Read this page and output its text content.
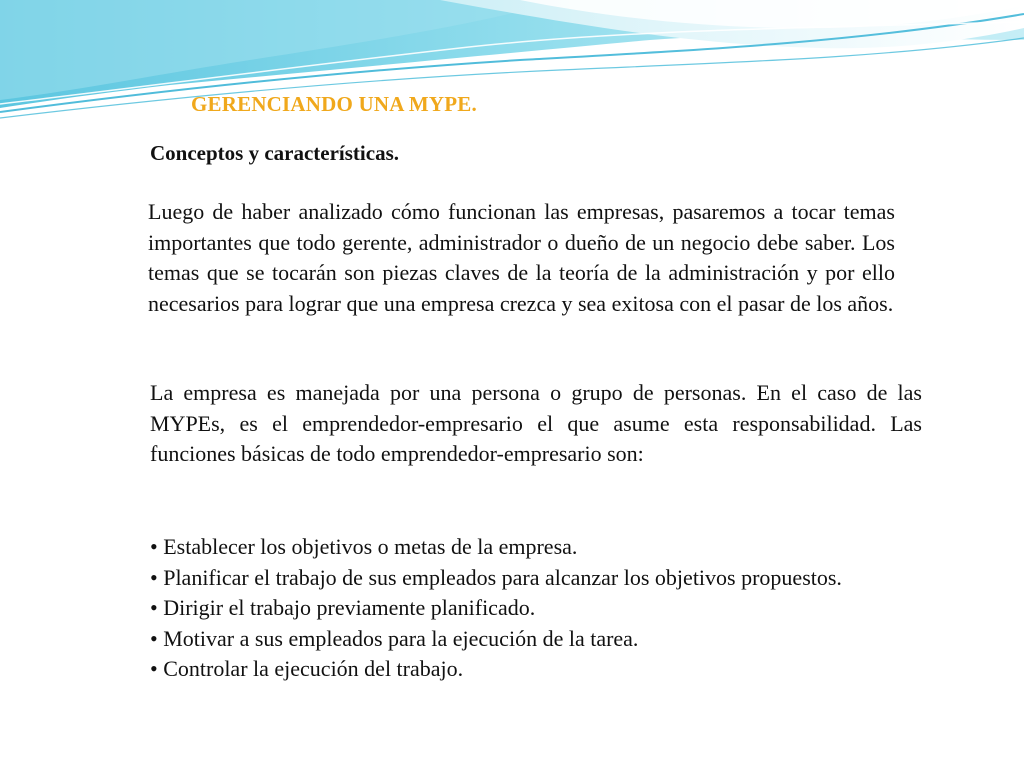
GERENCIANDO UNA MYPE.
Conceptos y características.

Luego de haber analizado cómo funcionan las empresas, pasaremos a tocar temas importantes que todo gerente, administrador o dueño de un negocio debe saber. Los temas que se tocarán son piezas claves de la teoría de la administración y por ello necesarios para lograr que una empresa crezca y sea exitosa con el pasar de los años.

La empresa es manejada por una persona o grupo de personas. En el caso de las MYPEs, es el emprendedor-empresario el que asume esta responsabilidad. Las funciones básicas de todo emprendedor-empresario son:

• Establecer los objetivos o metas de la empresa.
• Planificar el trabajo de sus empleados para alcanzar los objetivos propuestos.
• Dirigir el trabajo previamente planificado.
• Motivar a sus empleados para la ejecución de la tarea.
• Controlar la ejecución del trabajo.
